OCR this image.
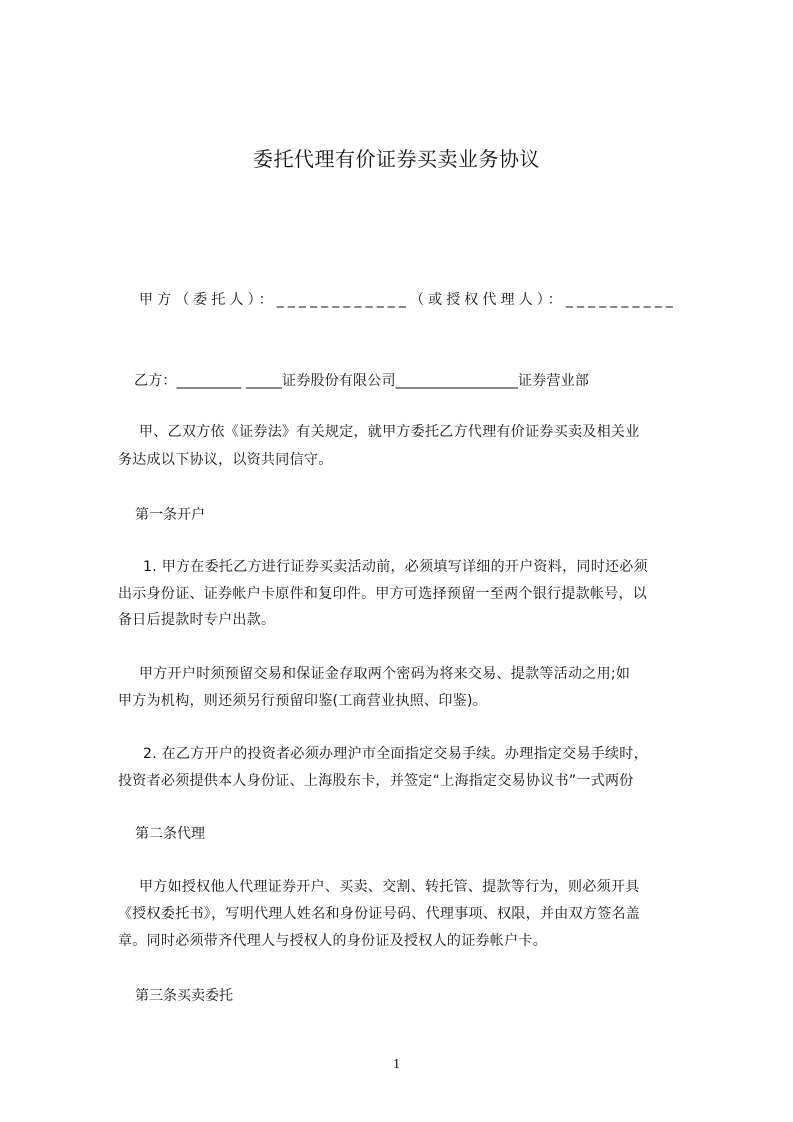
委托代理有价证券买卖业务协议
甲方（委托人）：____________（或授权代理人）：__________
乙方：_________ _____证券股份有限公司_________________证券营业部
甲、乙双方依《证券法》有关规定，就甲方委托乙方代理有价证券买卖及相关业
务达成以下协议，以资共同信守。
第一条开户
1. 甲方在委托乙方进行证券买卖活动前，必须填写详细的开户资料，同时还必须
出示身份证、证券帐户卡原件和复印件。甲方可选择预留一至两个银行提款帐号，以
备日后提款时专户出款。
甲方开户时须预留交易和保证金存取两个密码为将来交易、提款等活动之用;如
甲方为机构，则还须另行预留印鉴(工商营业执照、印鉴)。
2. 在乙方开户的投资者必须办理沪市全面指定交易手续。办理指定交易手续时，
投资者必须提供本人身份证、上海股东卡，并签定“上海指定交易协议书”一式两份
第二条代理
甲方如授权他人代理证券开户、买卖、交割、转托管、提款等行为，则必须开具
《授权委托书》，写明代理人姓名和身份证号码、代理事项、权限，并由双方签名盖
章。同时必须带齐代理人与授权人的身份证及授权人的证券帐户卡。
第三条买卖委托
1
